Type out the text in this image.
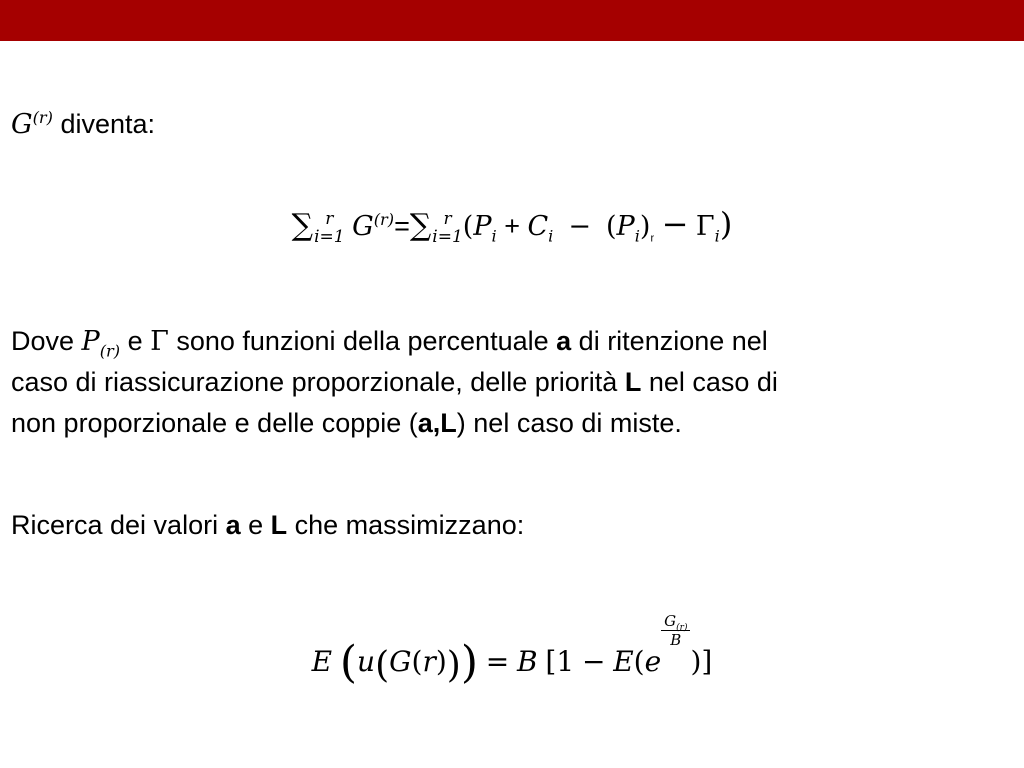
$G^{(r)}$ diventa:
∑ r
i=1 $G^{(r)}=\sum$ r
i=1 $(P_i + C_i - (P_i)_r - \Gamma_i)$
Dove $P_{(r)}$ e Γ sono funzioni della percentuale a di ritenzione nel
caso di riassicurazione proporzionale, delle priorità L nel caso di
non proporzionale e delle coppie (a,L) nel caso di miste.
Ricerca dei valori a e L che massimizzano:
E (u(G(r))) = B [1 − E(e
$\frac{G_{(r)}}{B}$
)]
